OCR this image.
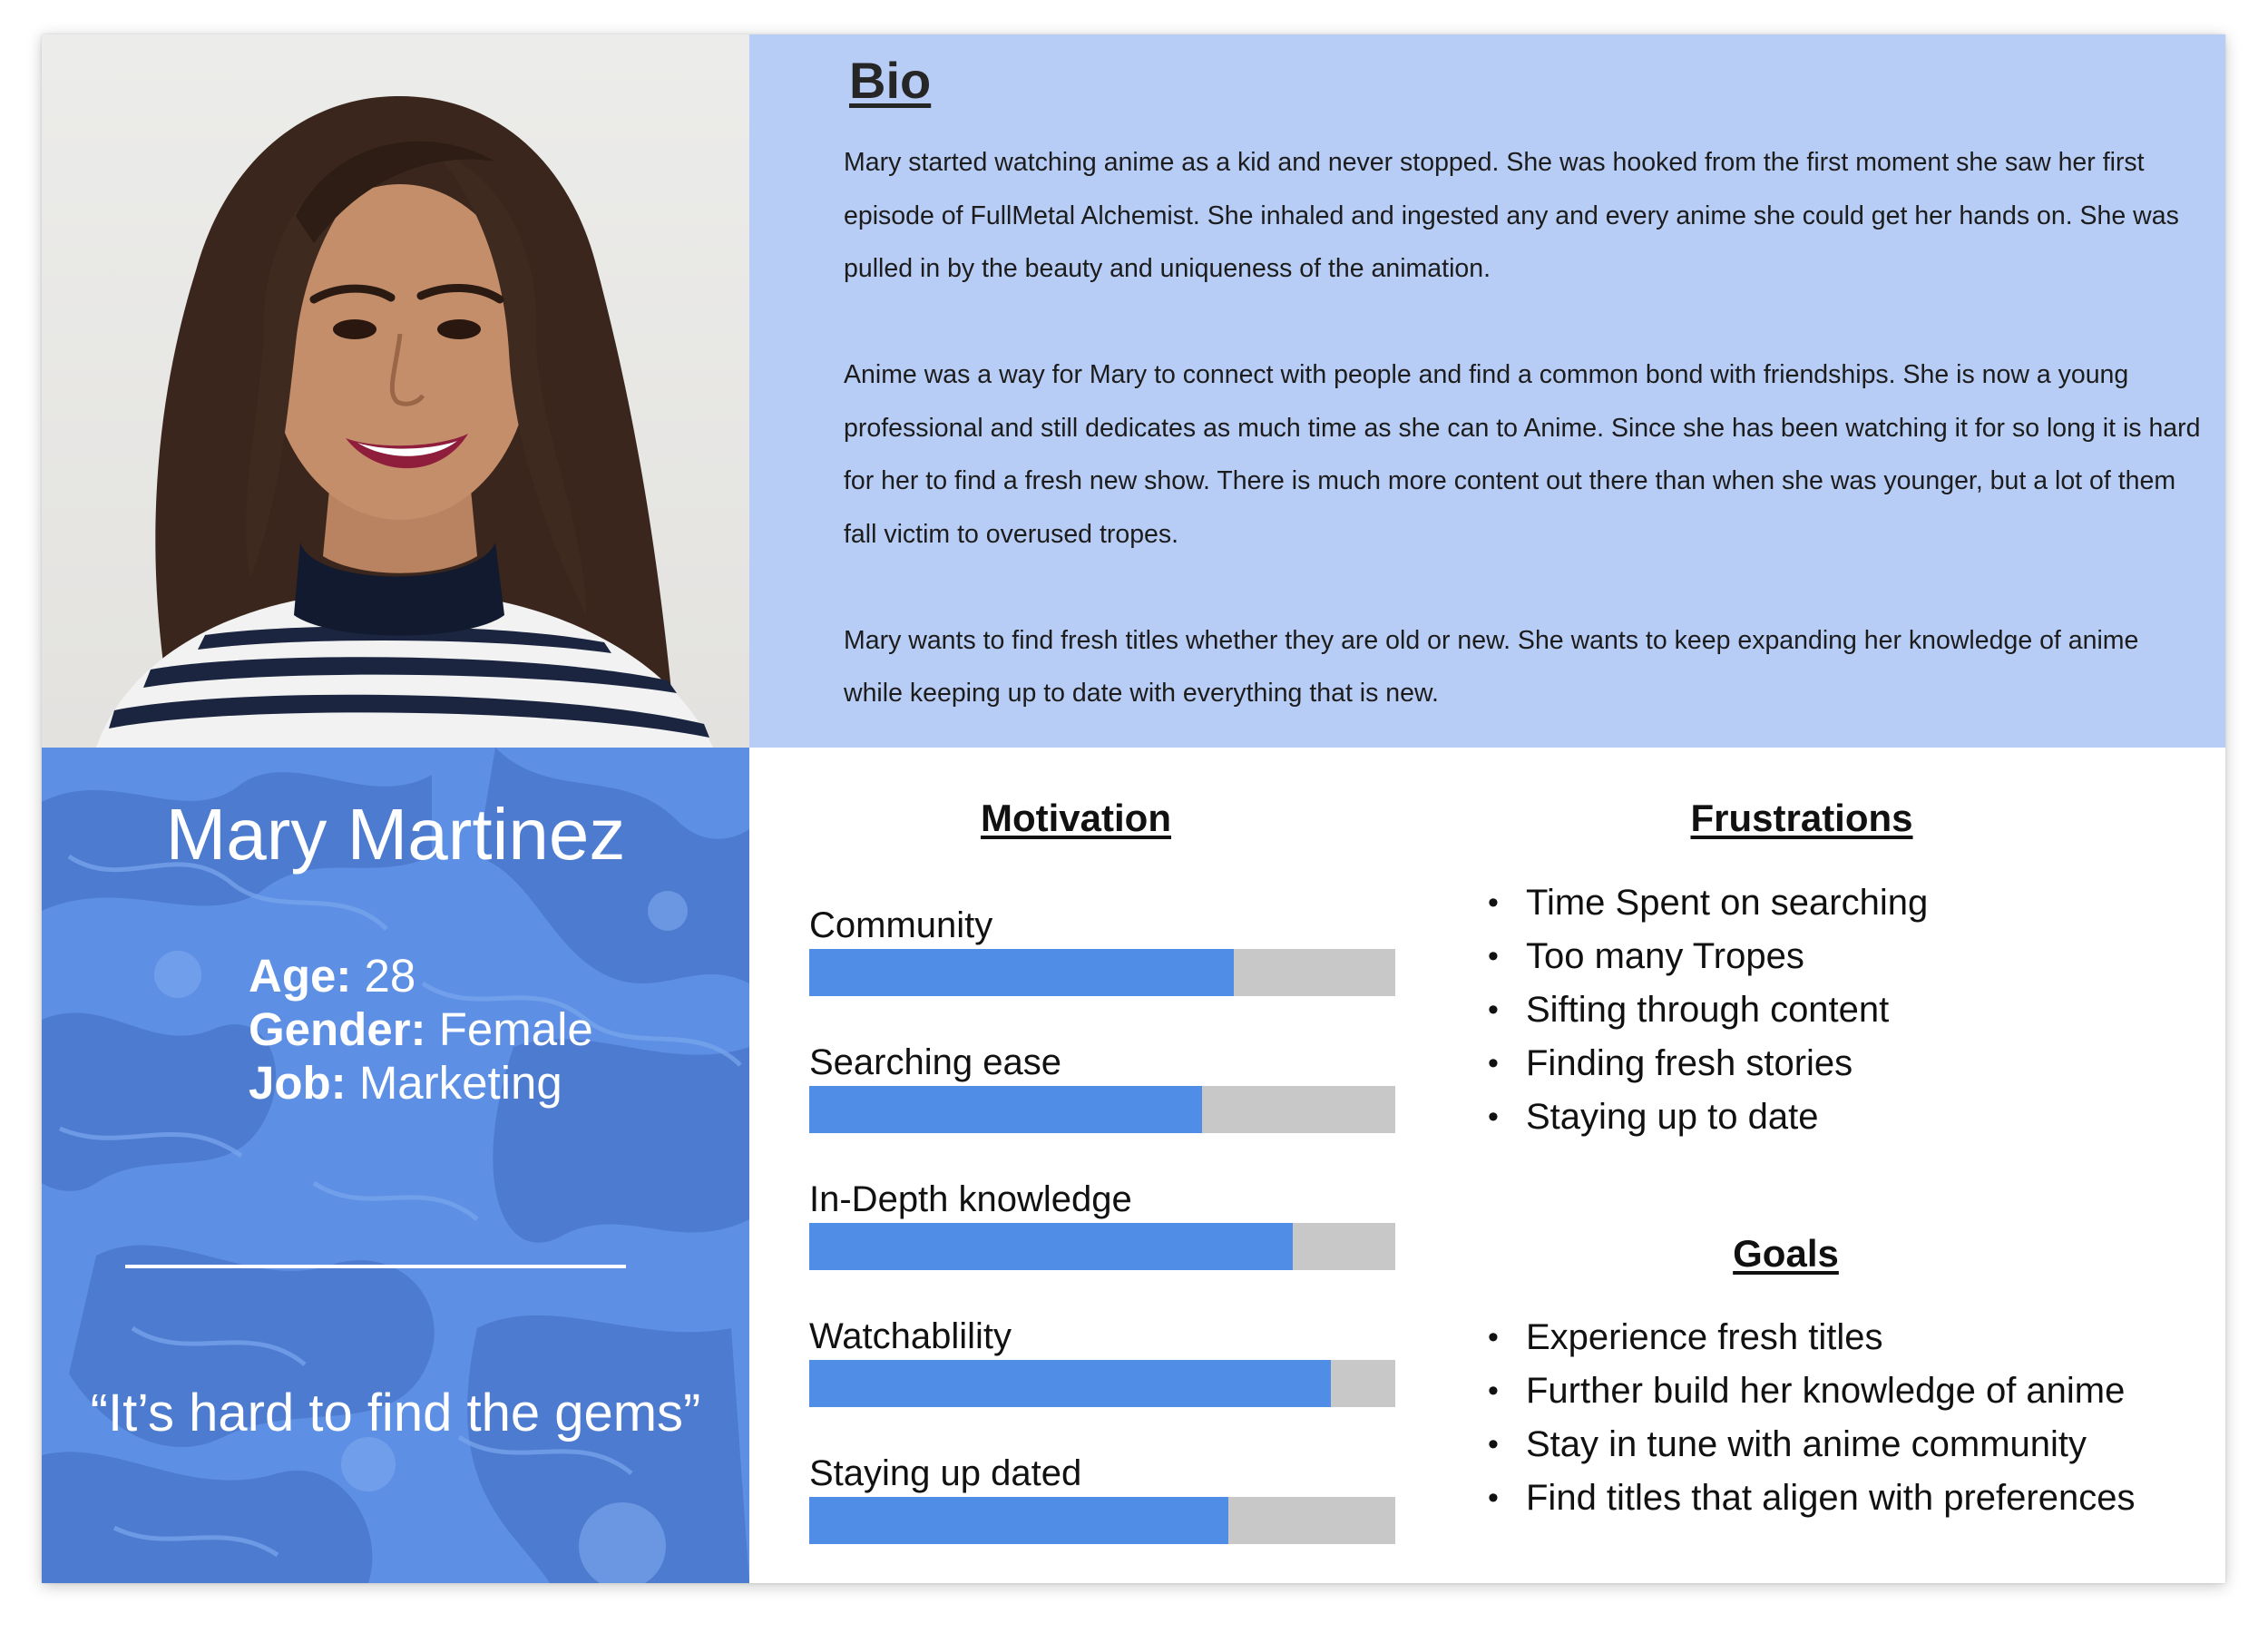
Bio

Mary started watching anime as a kid and never stopped. She was hooked from the first moment she saw her first episode of FullMetal Alchemist. She inhaled and ingested any and every anime she could get her hands on. She was pulled in by the beauty and uniqueness of the animation.

Anime was a way for Mary to connect with people and find a common bond with friendships. She is now a young professional and still dedicates as much time as she can to Anime. Since she has been watching it for so long it is hard for her to find a fresh new show. There is much more content out there than when she was younger, but a lot of them fall victim to overused tropes.

Mary wants to find fresh titles whether they are old or new. She wants to keep expanding her knowledge of anime while keeping up to date with everything that is new.

Mary Martinez
Age: 28
Gender: Female
Job: Marketing
“It’s hard to find the gems”
Motivation
Community
Searching ease
In-Depth knowledge
Watchablility
Staying up dated
Frustrations
• Time Spent on searching
• Too many Tropes
• Sifting through content
• Finding fresh stories
• Staying up to date
Goals
• Experience fresh titles
• Further build her knowledge of anime
• Stay in tune with anime community
• Find titles that aligen with preferences
